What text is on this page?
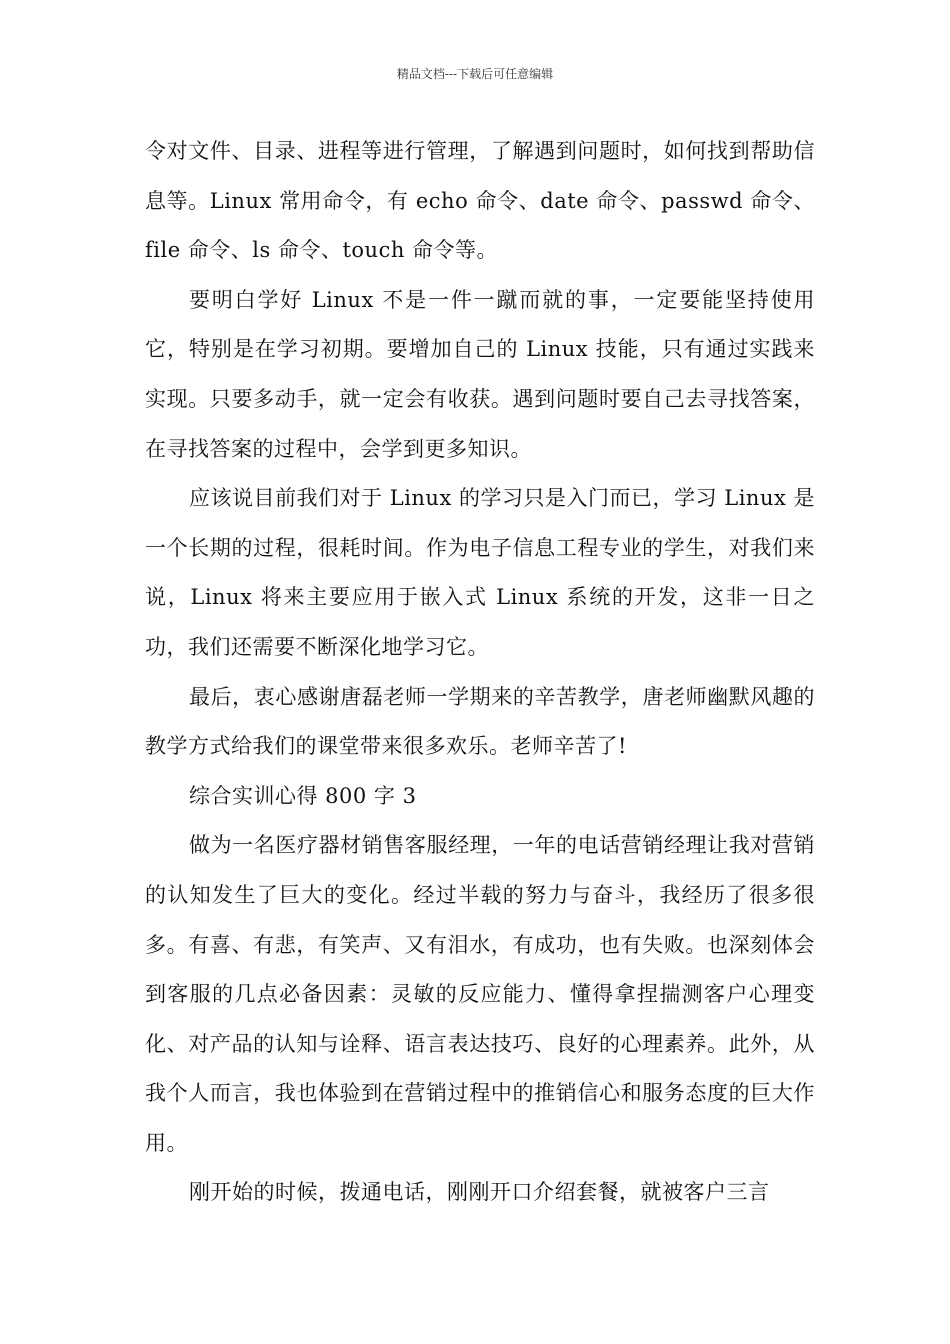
精品文档---下载后可任意编辑

令对文件、目录、进程等进行管理，了解遇到问题时，如何找到帮助信息等。Linux 常用命令，有 echo 命令、date 命令、passwd 命令、file 命令、ls 命令、touch 命令等。

要明白学好 Linux 不是一件一蹴而就的事，一定要能坚持使用它，特别是在学习初期。要增加自己的 Linux 技能，只有通过实践来实现。只要多动手，就一定会有收获。遇到问题时要自己去寻找答案，在寻找答案的过程中，会学到更多知识。

应该说目前我们对于 Linux 的学习只是入门而已，学习 Linux 是一个长期的过程，很耗时间。作为电子信息工程专业的学生，对我们来说，Linux 将来主要应用于嵌入式 Linux 系统的开发，这非一日之功，我们还需要不断深化地学习它。

最后，衷心感谢唐磊老师一学期来的辛苦教学，唐老师幽默风趣的教学方式给我们的课堂带来很多欢乐。老师辛苦了!

综合实训心得 800 字 3

做为一名医疗器材销售客服经理，一年的电话营销经理让我对营销的认知发生了巨大的变化。经过半载的努力与奋斗，我经历了很多很多。有喜、有悲，有笑声、又有泪水，有成功，也有失败。也深刻体会到客服的几点必备因素：灵敏的反应能力、懂得拿捏揣测客户心理变化、对产品的认知与诠释、语言表达技巧、良好的心理素养。此外，从我个人而言，我也体验到在营销过程中的推销信心和服务态度的巨大作用。

刚开始的时候，拨通电话，刚刚开口介绍套餐，就被客户三言
